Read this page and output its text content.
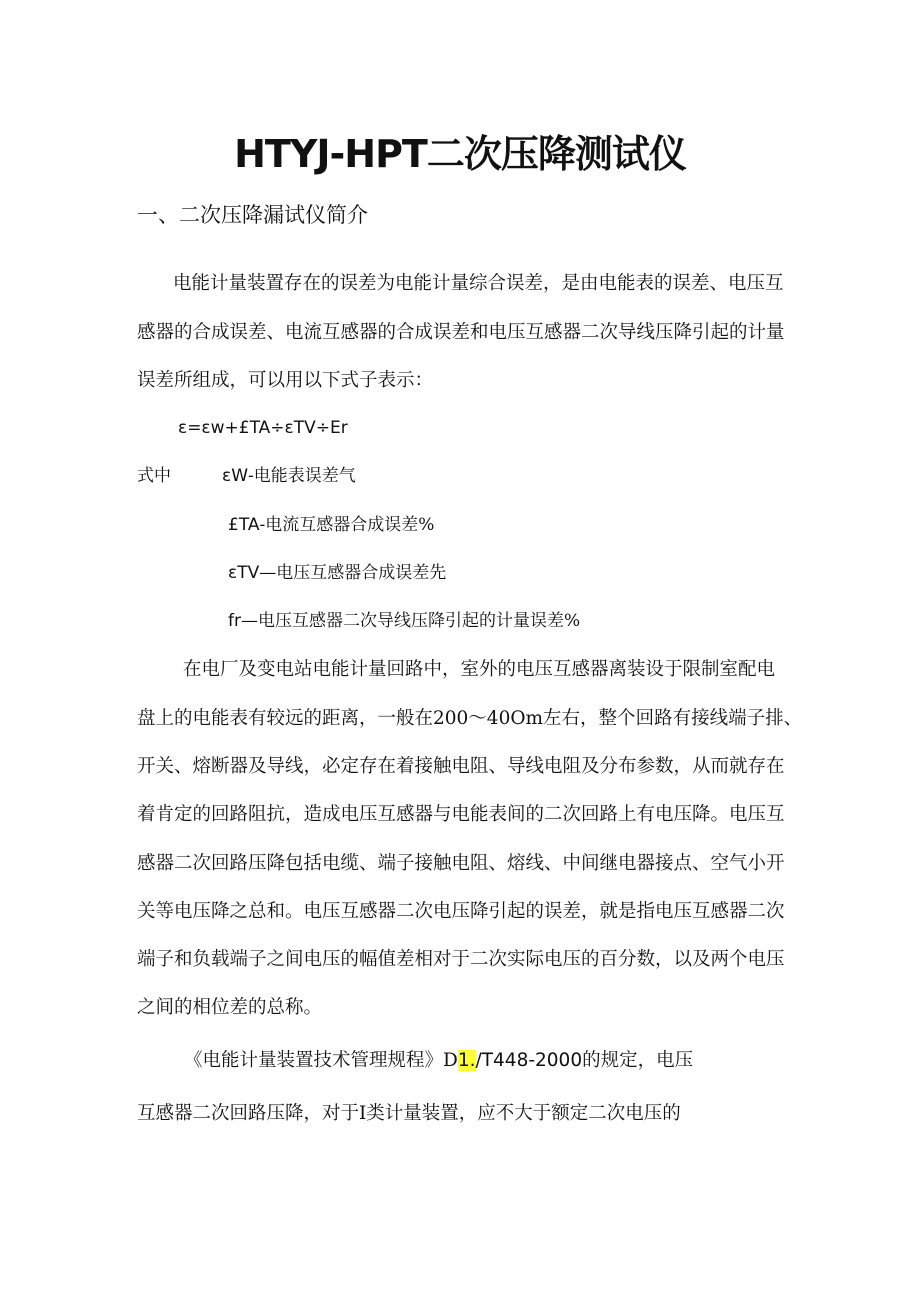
HTYJ-HPT二次压降测试仪
一、二次压降漏试仪简介
电能计量装置存在的误差为电能计量综合误差，是由电能表的误差、电压互
感器的合成误差、电流互感器的合成误差和电压互感器二次导线压降引起的计量
误差所组成，可以用以下式子表示：
ε=εw+£TA÷εTV÷Er
式中	εW-电能表误差气
£TA-电流互感器合成误差%
εTV—电压互感器合成误差先
fr—电压互感器二次导线压降引起的计量误差%
在电厂及变电站电能计量回路中，室外的电压互感器离装设于限制室配电
盘上的电能表有较远的距离，一般在200〜40Om左右，整个回路有接线端子排、
开关、熔断器及导线，必定存在着接触电阻、导线电阻及分布参数，从而就存在
着肯定的回路阻抗，造成电压互感器与电能表间的二次回路上有电压降。电压互
感器二次回路压降包括电缆、端子接触电阻、熔线、中间继电器接点、空气小开
关等电压降之总和。电压互感器二次电压降引起的误差，就是指电压互感器二次
端子和负载端子之间电压的幅值差相对于二次实际电压的百分数，以及两个电压
之间的相位差的总称。
《电能计量装置技术管理规程》D1./T448-2000的规定，电压
互感器二次回路压降，对于I类计量装置，应不大于额定二次电压的
